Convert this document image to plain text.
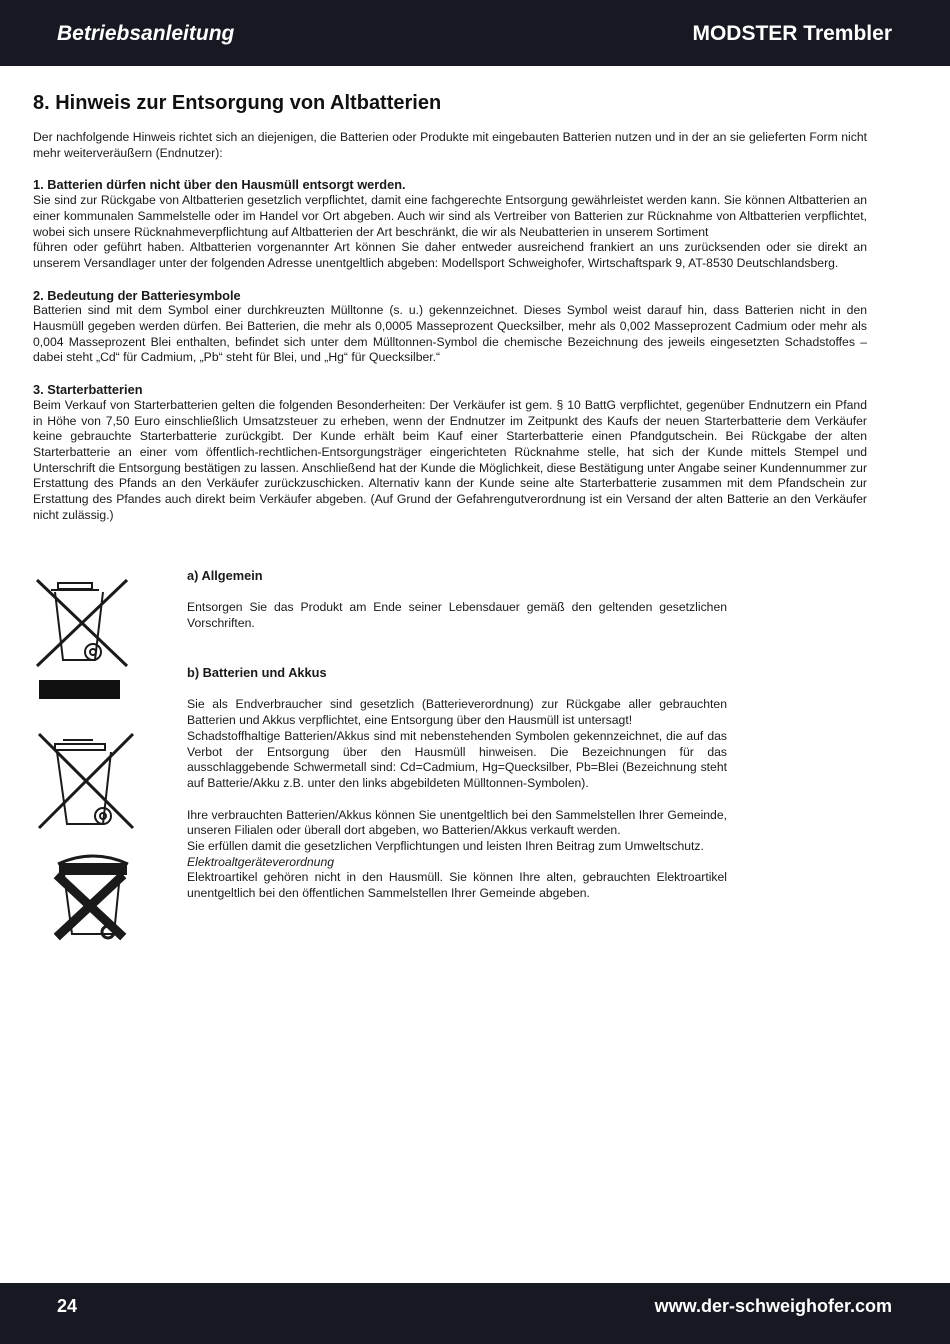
Betriebsanleitung	MODSTER Trembler
8. Hinweis zur Entsorgung von Altbatterien

Der nachfolgende Hinweis richtet sich an diejenigen, die Batterien oder Produkte mit eingebauten Batterien nutzen und in der an sie gelieferten Form nicht mehr weiterveräußern (Endnutzer):

1. Batterien dürfen nicht über den Hausmüll entsorgt werden.

Sie sind zur Rückgabe von Altbatterien gesetzlich verpflichtet, damit eine fachgerechte Entsorgung gewährleistet werden kann. Sie können Altbatterien an einer kommunalen Sammelstelle oder im Handel vor Ort abgeben. Auch wir sind als Vertreiber von Batterien zur Rücknahme von Altbatterien verpflichtet, wobei sich unsere Rücknahmeverpflichtung auf Altbatterien der Art beschränkt, die wir als Neubatterien in unserem Sortiment

führen oder geführt haben. Altbatterien vorgenannter Art können Sie daher entweder ausreichend frankiert an uns zurücksenden oder sie direkt an unserem Versandlager unter der folgenden Adresse unentgeltlich abgeben: Modellsport Schweighofer, Wirtschaftspark 9, AT-8530 Deutschlandsberg.

2. Bedeutung der Batteriesymbole

Batterien sind mit dem Symbol einer durchkreuzten Mülltonne (s. u.) gekennzeichnet. Dieses Symbol weist darauf hin, dass Batterien nicht in den Hausmüll gegeben werden dürfen. Bei Batterien, die mehr als 0,0005 Masseprozent Quecksilber, mehr als 0,002 Masseprozent Cadmium oder mehr als 0,004 Masseprozent Blei enthalten, befindet sich unter dem Mülltonnen-Symbol die chemische Bezeichnung des jeweils eingesetzten Schadstoffes – dabei steht „Cd“ für Cadmium, „Pb“ steht für Blei, und „Hg“ für Quecksilber.“

3. Starterbatterien

Beim Verkauf von Starterbatterien gelten die folgenden Besonderheiten: Der Verkäufer ist gem. § 10 BattG verpflichtet, gegenüber Endnutzern ein Pfand in Höhe von 7,50 Euro einschließlich Umsatzsteuer zu erheben, wenn der Endnutzer im Zeitpunkt des Kaufs der neuen Starterbatterie dem Verkäufer keine gebrauchte Starterbatterie zurückgibt. Der Kunde erhält beim Kauf einer Starterbatterie einen Pfandgutschein. Bei Rückgabe der alten Starterbatterie an einer vom öffentlich-rechtlichen-Entsorgungsträger eingerichteten Rücknahme stelle, hat sich der Kunde mittels Stempel und Unterschrift die Entsorgung bestätigen zu lassen. Anschließend hat der Kunde die Möglichkeit, diese Bestätigung unter Angabe seiner Kundennummer zur Erstattung des Pfands an den Verkäufer zurückzuschicken. Alternativ kann der Kunde seine alte Starterbatterie zusammen mit dem Pfandschein zur Erstattung des Pfandes auch direkt beim Verkäufer abgeben. (Auf Grund der Gefahrengutverordnung ist ein Versand der alten Batterie an den Verkäufer nicht zulässig.)

a) Allgemein

Entsorgen Sie das Produkt am Ende seiner Lebensdauer gemäß den geltenden gesetzlichen Vorschriften.

b) Batterien und Akkus

Sie als Endverbraucher sind gesetzlich (Batterieverordnung) zur Rückgabe aller gebrauchten Batterien und Akkus verpflichtet, eine Entsorgung über den Hausmüll ist untersagt!

Schadstoffhaltige Batterien/Akkus sind mit nebenstehenden Symbolen gekennzeichnet, die auf das Verbot der Entsorgung über den Hausmüll hinweisen. Die Bezeichnungen für das ausschlaggebende Schwermetall sind: Cd=Cadmium, Hg=Quecksilber, Pb=Blei (Bezeichnung steht auf Batterie/Akku z.B. unter den links abgebildeten Mülltonnen-Symbolen).

Ihre verbrauchten Batterien/Akkus können Sie unentgeltlich bei den Sammelstellen Ihrer Gemeinde, unseren Filialen oder überall dort abgeben, wo Batterien/Akkus verkauft werden.

Sie erfüllen damit die gesetzlichen Verpflichtungen und leisten Ihren Beitrag zum Umweltschutz.

Elektroaltgeräteverordnung

Elektroartikel gehören nicht in den Hausmüll. Sie können Ihre alten, gebrauchten Elektroartikel unentgeltlich bei den öffentlichen Sammelstellen Ihrer Gemeinde abgeben.

24	www.der-schweighofer.com
